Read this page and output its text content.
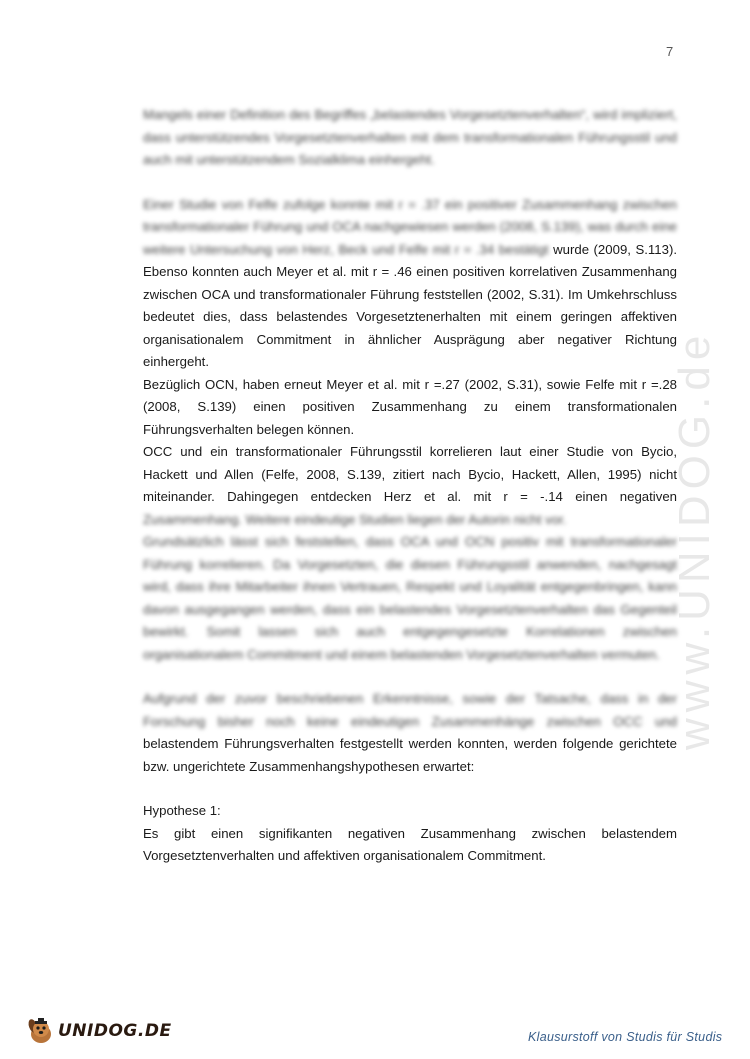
www.UNIDOG.de
7

Mangels einer Definition des Begriffes „belastendes Vorgesetztenverhalten“, wird impliziert, dass unterstützendes Vorgesetztenverhalten mit dem transformationalen Führungsstil und auch mit unterstützendem Sozialklima einhergeht.

Einer Studie von Felfe zufolge konnte mit r = .37 ein positiver Zusammenhang zwischen transformationaler Führung und OCA nachgewiesen werden (2008, S.139), was durch eine weitere Untersuchung von Herz, Beck und Felfe mit r = .34 bestätigt wurde (2009, S.113). Ebenso konnten auch Meyer et al. mit r = .46 einen positiven korrelativen Zusammenhang zwischen OCA und transformationaler Führung feststellen (2002, S.31). Im Umkehrschluss bedeutet dies, dass belastendes Vorgesetztenerhalten mit einem geringen affektiven organisationalem Commitment in ähnlicher Ausprägung aber negativer Richtung einhergeht.

Bezüglich OCN, haben erneut Meyer et al. mit r =.27 (2002, S.31), sowie Felfe mit r =.28 (2008, S.139) einen positiven Zusammenhang zu einem transformationalen Führungsverhalten belegen können.

OCC und ein transformationaler Führungsstil korrelieren laut einer Studie von Bycio, Hackett und Allen (Felfe, 2008, S.139, zitiert nach Bycio, Hackett, Allen, 1995) nicht miteinander. Dahingegen entdecken Herz et al. mit r = -.14 einen negativen Zusammenhang. Weitere eindeutige Studien liegen der Autorin nicht vor.

Grundsätzlich lässt sich feststellen, dass OCA und OCN positiv mit transformationaler Führung korrelieren. Da Vorgesetzten, die diesen Führungsstil anwenden, nachgesagt wird, dass ihre Mitarbeiter ihnen Vertrauen, Respekt und Loyalität entgegenbringen, kann davon ausgegangen werden, dass ein belastendes Vorgesetztenverhalten das Gegenteil bewirkt. Somit lassen sich auch entgegengesetzte Korrelationen zwischen organisationalem Commitment und einem belastenden Vorgesetztenverhalten vermuten.

Aufgrund der zuvor beschriebenen Erkenntnisse, sowie der Tatsache, dass in der Forschung bisher noch keine eindeutigen Zusammenhänge zwischen OCC und belastendem Führungsverhalten festgestellt werden konnten, werden folgende gerichtete bzw. ungerichtete Zusammenhangshypothesen erwartet:

Hypothese 1:

Es gibt einen signifikanten negativen Zusammenhang zwischen belastendem Vorgesetztenverhalten und affektiven organisationalem Commitment.

UNIDOG.DE	Klausurstoff von Studis für Studis
